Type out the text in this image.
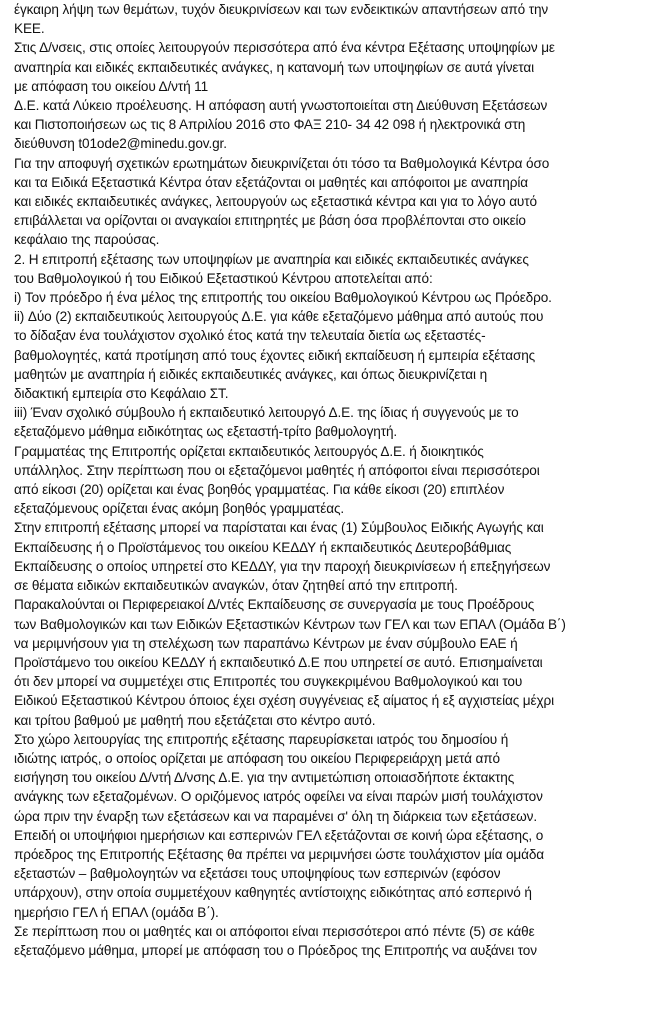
έγκαιρη λήψη των θεμάτων, τυχόν διευκρινίσεων και των ενδεικτικών απαντήσεων από την

ΚΕΕ.

Στις Δ/νσεις, στις οποίες λειτουργούν περισσότερα από ένα κέντρα Εξέτασης υποψηφίων με

αναπηρία και ειδικές εκπαιδευτικές ανάγκες, η κατανομή των υποψηφίων σε αυτά γίνεται

με απόφαση του οικείου Δ/ντή 11

Δ.Ε. κατά Λύκειο προέλευσης. Η απόφαση αυτή γνωστοποιείται στη Διεύθυνση Εξετάσεων

και Πιστοποιήσεων ως τις 8 Απριλίου 2016 στο ΦΑΞ 210- 34 42 098 ή ηλεκτρονικά στη

διεύθυνση t01ode2@minedu.gov.gr.

Για την αποφυγή σχετικών ερωτημάτων διευκρινίζεται ότι τόσο τα Βαθμολογικά Κέντρα όσο

και τα Ειδικά Εξεταστικά Κέντρα όταν εξετάζονται οι μαθητές και απόφοιτοι με αναπηρία

και ειδικές εκπαιδευτικές ανάγκες, λειτουργούν ως εξεταστικά κέντρα και για το λόγο αυτό

επιβάλλεται να ορίζονται οι αναγκαίοι επιτηρητές με βάση όσα προβλέπονται στο οικείο

κεφάλαιο της παρούσας.

2. Η επιτροπή εξέτασης των υποψηφίων με αναπηρία και ειδικές εκπαιδευτικές ανάγκες

του Βαθμολογικού ή του Ειδικού Εξεταστικού Κέντρου αποτελείται από:

i) Τον πρόεδρο ή ένα μέλος της επιτροπής του οικείου Βαθμολογικού Κέντρου ως Πρόεδρο.

ii) Δύο (2) εκπαιδευτικούς λειτουργούς Δ.Ε. για κάθε εξεταζόμενο μάθημα από αυτούς που

το δίδαξαν ένα τουλάχιστον σχολικό έτος κατά την τελευταία διετία ως εξεταστές-

βαθμολογητές, κατά προτίμηση από τους έχοντες ειδική εκπαίδευση ή εμπειρία εξέτασης

μαθητών με αναπηρία ή ειδικές εκπαιδευτικές ανάγκες, και όπως διευκρινίζεται η

διδακτική εμπειρία στο Κεφάλαιο ΣΤ.

iii) Έναν σχολικό σύμβουλο ή εκπαιδευτικό λειτουργό Δ.Ε. της ίδιας ή συγγενούς με το

εξεταζόμενο μάθημα ειδικότητας ως εξεταστή-τρίτο βαθμολογητή.

Γραμματέας της Επιτροπής ορίζεται εκπαιδευτικός λειτουργός Δ.Ε. ή διοικητικός

υπάλληλος. Στην περίπτωση που οι εξεταζόμενοι μαθητές ή απόφοιτοι είναι περισσότεροι

από είκοσι (20) ορίζεται και ένας βοηθός γραμματέας. Για κάθε είκοσι (20) επιπλέον

εξεταζόμενους ορίζεται ένας ακόμη βοηθός γραμματέας.

Στην επιτροπή εξέτασης μπορεί να παρίσταται και ένας (1) Σύμβουλος Ειδικής Αγωγής και

Εκπαίδευσης ή ο Προϊστάμενος του οικείου ΚΕΔΔΥ ή εκπαιδευτικός Δευτεροβάθμιας

Εκπαίδευσης ο οποίος υπηρετεί στο ΚΕΔΔΥ, για την παροχή διευκρινίσεων ή επεξηγήσεων

σε θέματα ειδικών εκπαιδευτικών αναγκών, όταν ζητηθεί από την επιτροπή.

Παρακαλούνται οι Περιφερειακοί Δ/ντές Εκπαίδευσης σε συνεργασία με τους Προέδρους

των Βαθμολογικών και των Ειδικών Εξεταστικών Κέντρων των ΓΕΛ και των ΕΠΑΛ (Ομάδα Β΄)

να μεριμνήσουν για τη στελέχωση των παραπάνω Κέντρων με έναν σύμβουλο ΕΑΕ ή

Προϊστάμενο του οικείου ΚΕΔΔΥ ή εκπαιδευτικό Δ.Ε που υπηρετεί σε αυτό. Επισημαίνεται

ότι δεν μπορεί να συμμετέχει στις Επιτροπές του συγκεκριμένου Βαθμολογικού και του

Ειδικού Εξεταστικού Κέντρου όποιος έχει σχέση συγγένειας εξ αίματος ή εξ αγχιστείας μέχρι

και τρίτου βαθμού με μαθητή που εξετάζεται στο κέντρο αυτό.

Στο χώρο λειτουργίας της επιτροπής εξέτασης παρευρίσκεται ιατρός του δημοσίου ή

ιδιώτης ιατρός, ο οποίος ορίζεται με απόφαση του οικείου Περιφερειάρχη μετά από

εισήγηση του οικείου Δ/ντή Δ/νσης Δ.Ε. για την αντιμετώπιση οποιασδήποτε έκτακτης

ανάγκης των εξεταζομένων. Ο οριζόμενος ιατρός οφείλει να είναι παρών μισή τουλάχιστον

ώρα πριν την έναρξη των εξετάσεων και να παραμένει σ' όλη τη διάρκεια των εξετάσεων.

Επειδή οι υποψήφιοι ημερήσιων και εσπερινών ΓΕΛ εξετάζονται σε κοινή ώρα εξέτασης, ο

πρόεδρος της Επιτροπής Εξέτασης θα πρέπει να μεριμνήσει ώστε τουλάχιστον μία ομάδα

εξεταστών – βαθμολογητών να εξετάσει τους υποψηφίους των εσπερινών (εφόσον

υπάρχουν), στην οποία συμμετέχουν καθηγητές αντίστοιχης ειδικότητας από εσπερινό ή

ημερήσιο ΓΕΛ ή ΕΠΑΛ (ομάδα Β΄).

Σε περίπτωση που οι μαθητές και οι απόφοιτοι είναι περισσότεροι από πέντε (5) σε κάθε

εξεταζόμενο μάθημα, μπορεί με απόφαση του ο Πρόεδρος της Επιτροπής να αυξάνει τον
